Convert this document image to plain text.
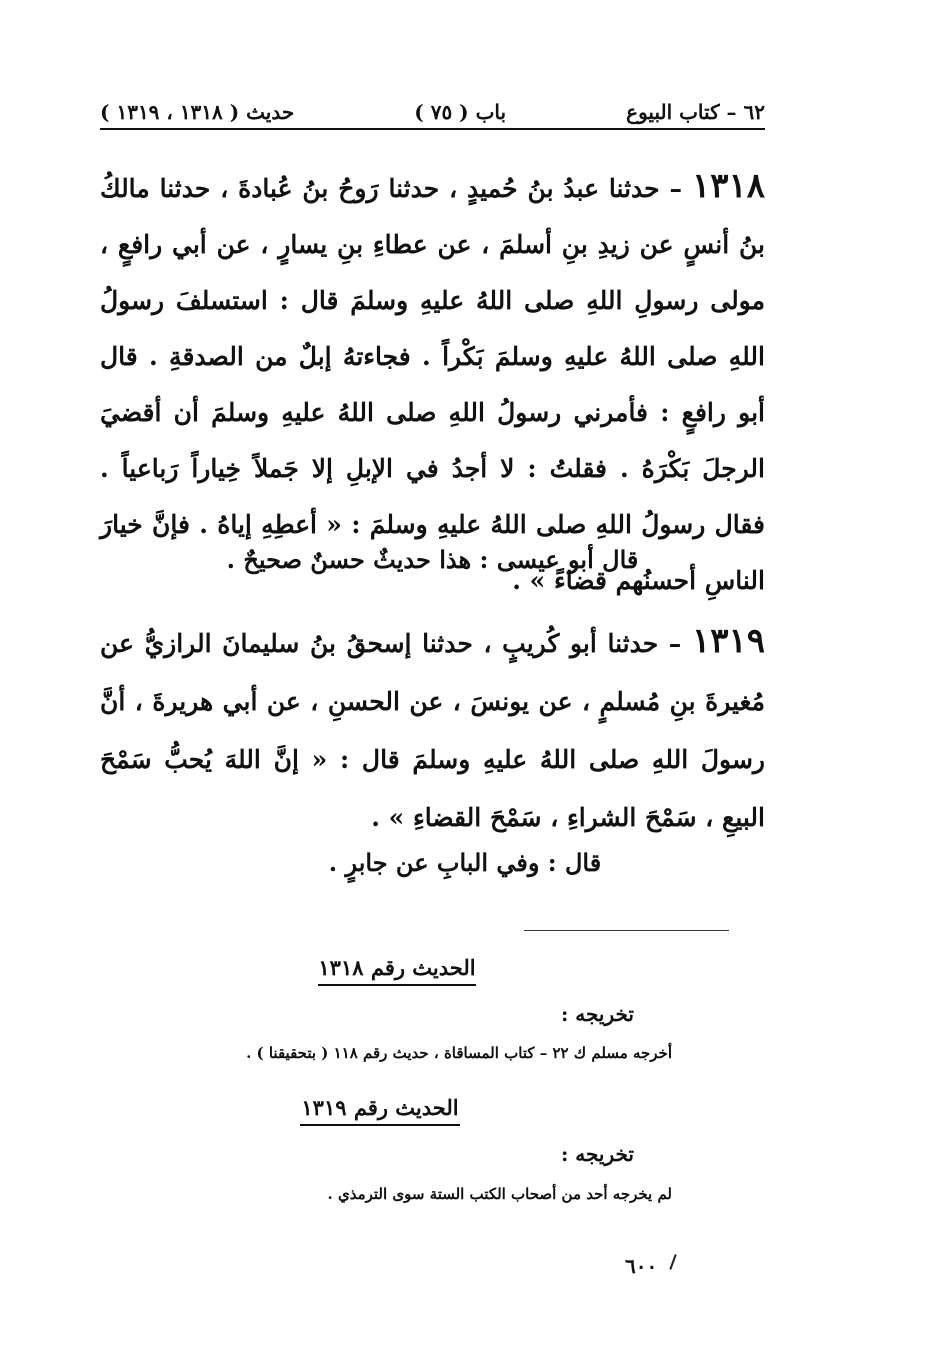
٦٢ – كتاب البيوع
باب ( ٧٥ )
حديث ( ١٣١٨ ، ١٣١٩ )
١٣١٨ – حدثنا عبدُ بنُ حُميدٍ ، حدثنا رَوحُ بنُ عُبادةَ ، حدثنا مالكُ بنُ أنسٍ عن زيدِ بنِ أسلمَ ، عن عطاءِ بنِ يسارٍ ، عن أبي رافعٍ ، مولى رسولِ اللهِ صلى اللهُ عليهِ وسلمَ قال : استسلفَ رسولُ اللهِ صلى اللهُ عليهِ وسلمَ بَكْراً . فجاءتهُ إبلٌ من الصدقةِ . قال أبو رافعٍ : فأمرني رسولُ اللهِ صلى اللهُ عليهِ وسلمَ أن أقضيَ الرجلَ بَكْرَهُ . فقلتُ : لا أجدُ في الإبلِ إلا جَملاً خِياراً رَباعياً . فقال رسولُ اللهِ صلى اللهُ عليهِ وسلمَ : « أعطِهِ إياهُ . فإنَّ خيارَ الناسِ أحسنُهم قضاءً » .
قال أبو عيسى : هذا حديثٌ حسنٌ صحيحٌ .
١٣١٩ – حدثنا أبو كُريبٍ ، حدثنا إسحقُ بنُ سليمانَ الرازيُّ عن مُغيرةَ بنِ مُسلمٍ ، عن يونسَ ، عن الحسنِ ، عن أبي هريرةَ ، أنَّ رسولَ اللهِ صلى اللهُ عليهِ وسلمَ قال : « إنَّ اللهَ يُحبُّ سَمْحَ البيعِ ، سَمْحَ الشراءِ ، سَمْحَ القضاءِ » .
قال : وفي البابِ عن جابرٍ .
الحديث رقم ١٣١٨
تخريجه :
أخرجه مسلم ك ٢٢ – كتاب المساقاة ، حديث رقم ١١٨ ( بتحقيقنا ) .
الحديث رقم ١٣١٩
تخريجه :
لم يخرجه أحد من أصحاب الكتب الستة سوى الترمذي .
٦٠٠
